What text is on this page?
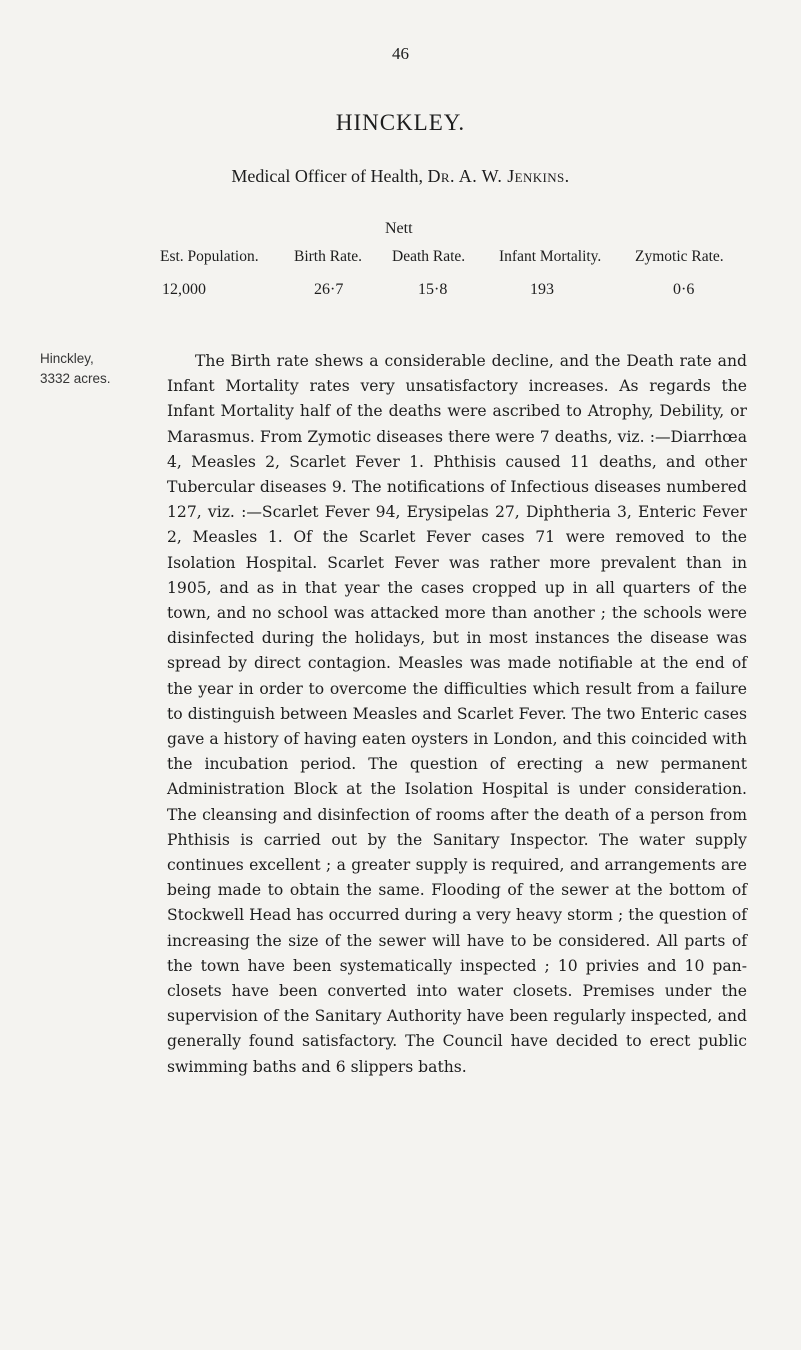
46
HINCKLEY.
Medical Officer of Health, Dr. A. W. Jenkins.
Nett
Est. Population. Birth Rate. Death Rate. Infant Mortality. Zymotic Rate.
12,000	26·7	15·8	193	0·6
Hinckley,
3332 acres.

The Birth rate shews a considerable decline, and the Death rate and Infant Mortality rates very unsatisfactory increases. As regards the Infant Mortality half of the deaths were ascribed to Atrophy, Debility, or Marasmus. From Zymotic diseases there were 7 deaths, viz. :—Diarrhœa 4, Measles 2, Scarlet Fever 1. Phthisis caused 11 deaths, and other Tubercular diseases 9. The notifications of Infectious diseases numbered 127, viz. :—Scarlet Fever 94, Erysipelas 27, Diphtheria 3, Enteric Fever 2, Measles 1. Of the Scarlet Fever cases 71 were removed to the Isolation Hospital. Scarlet Fever was rather more prevalent than in 1905, and as in that year the cases cropped up in all quarters of the town, and no school was attacked more than another ; the schools were disinfected during the holidays, but in most instances the disease was spread by direct contagion. Measles was made notifiable at the end of the year in order to overcome the difficulties which result from a failure to distinguish between Measles and Scarlet Fever. The two Enteric cases gave a history of having eaten oysters in London, and this coincided with the incubation period. The question of erecting a new permanent Administration Block at the Isolation Hospital is under consideration. The cleansing and disinfection of rooms after the death of a person from Phthisis is carried out by the Sanitary Inspector. The water supply continues excellent ; a greater supply is required, and arrangements are being made to obtain the same. Flooding of the sewer at the bottom of Stockwell Head has occurred during a very heavy storm ; the question of increasing the size of the sewer will have to be considered. All parts of the town have been systematically inspected ; 10 privies and 10 pan-closets have been converted into water closets. Premises under the supervision of the Sanitary Authority have been regularly inspected, and generally found satisfactory. The Council have decided to erect public swimming baths and 6 slippers baths.
